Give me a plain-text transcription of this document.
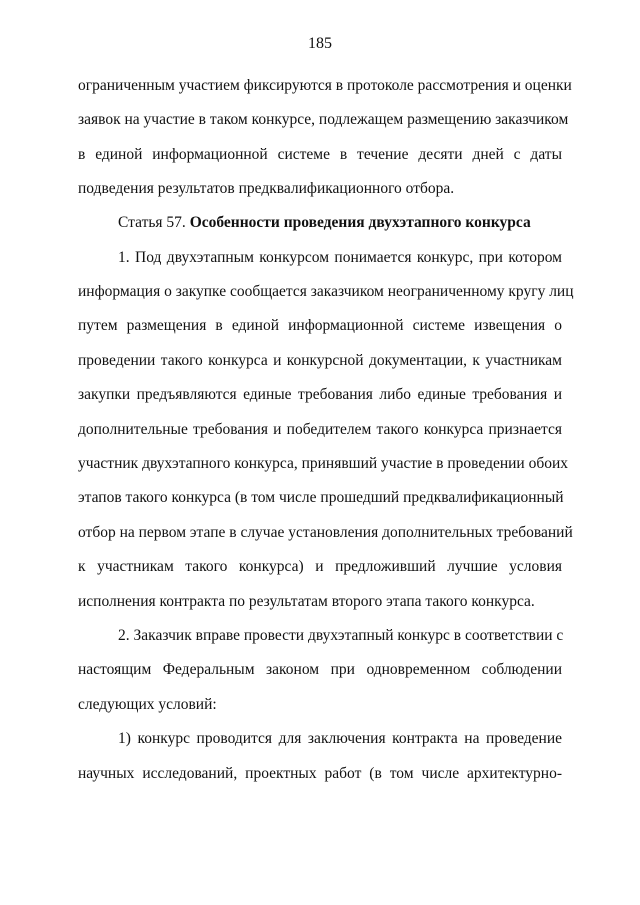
185
ограниченным участием фиксируются в протоколе рассмотрения и оценки
заявок на участие в таком конкурсе, подлежащем размещению заказчиком
в единой информационной системе в течение десяти дней с даты
подведения результатов предквалификационного отбора.
Статья 57. Особенности проведения двухэтапного конкурса
1. Под двухэтапным конкурсом понимается конкурс, при котором
информация о закупке сообщается заказчиком неограниченному кругу лиц
путем размещения в единой информационной системе извещения о
проведении такого конкурса и конкурсной документации, к участникам
закупки предъявляются единые требования либо единые требования и
дополнительные требования и победителем такого конкурса признается
участник двухэтапного конкурса, принявший участие в проведении обоих
этапов такого конкурса (в том числе прошедший предквалификационный
отбор на первом этапе в случае установления дополнительных требований
к участникам такого конкурса) и предложивший лучшие условия
исполнения контракта по результатам второго этапа такого конкурса.
2. Заказчик вправе провести двухэтапный конкурс в соответствии с
настоящим Федеральным законом при одновременном соблюдении
следующих условий:
1) конкурс проводится для заключения контракта на проведение
научных исследований, проектных работ (в том числе архитектурно-
